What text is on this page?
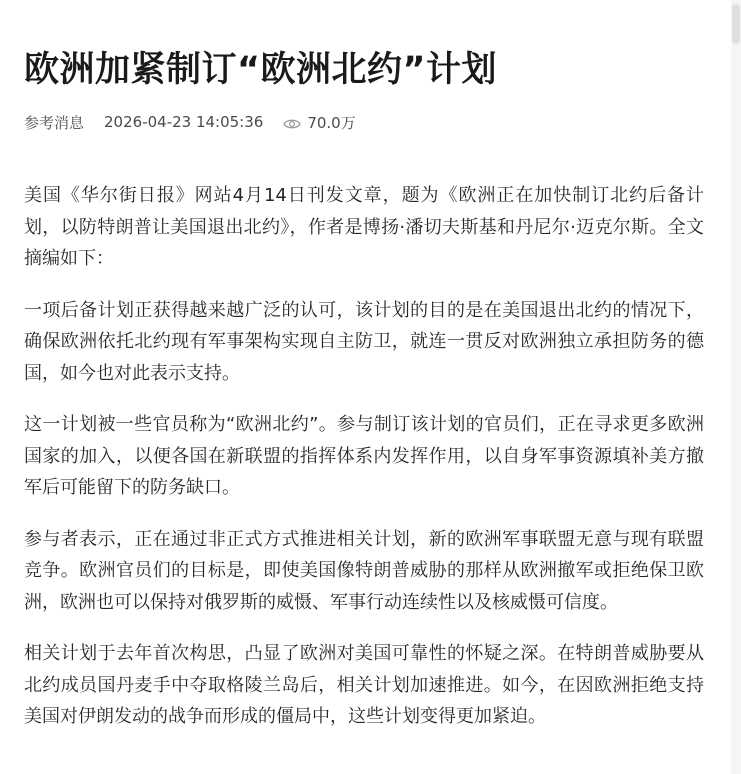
欧洲加紧制订“欧洲北约”计划
参考消息 2026-04-23 14:05:36	70.0万

美国《华尔街日报》网站4月14日刊发文章，题为《欧洲正在加快制订北约后备计划，以防特朗普让美国退出北约》，作者是博扬·潘切夫斯基和丹尼尔·迈克尔斯。全文摘编如下：

一项后备计划正获得越来越广泛的认可，该计划的目的是在美国退出北约的情况下，确保欧洲依托北约现有军事架构实现自主防卫，就连一贯反对欧洲独立承担防务的德国，如今也对此表示支持。

这一计划被一些官员称为“欧洲北约”。参与制订该计划的官员们，正在寻求更多欧洲国家的加入，以便各国在新联盟的指挥体系内发挥作用，以自身军事资源填补美方撤军后可能留下的防务缺口。

参与者表示，正在通过非正式方式推进相关计划，新的欧洲军事联盟无意与现有联盟竞争。欧洲官员们的目标是，即使美国像特朗普威胁的那样从欧洲撤军或拒绝保卫欧洲，欧洲也可以保持对俄罗斯的威慑、军事行动连续性以及核威慑可信度。

相关计划于去年首次构思，凸显了欧洲对美国可靠性的怀疑之深。在特朗普威胁要从北约成员国丹麦手中夺取格陵兰岛后，相关计划加速推进。如今，在因欧洲拒绝支持美国对伊朗发动的战争而形成的僵局中，这些计划变得更加紧迫。
